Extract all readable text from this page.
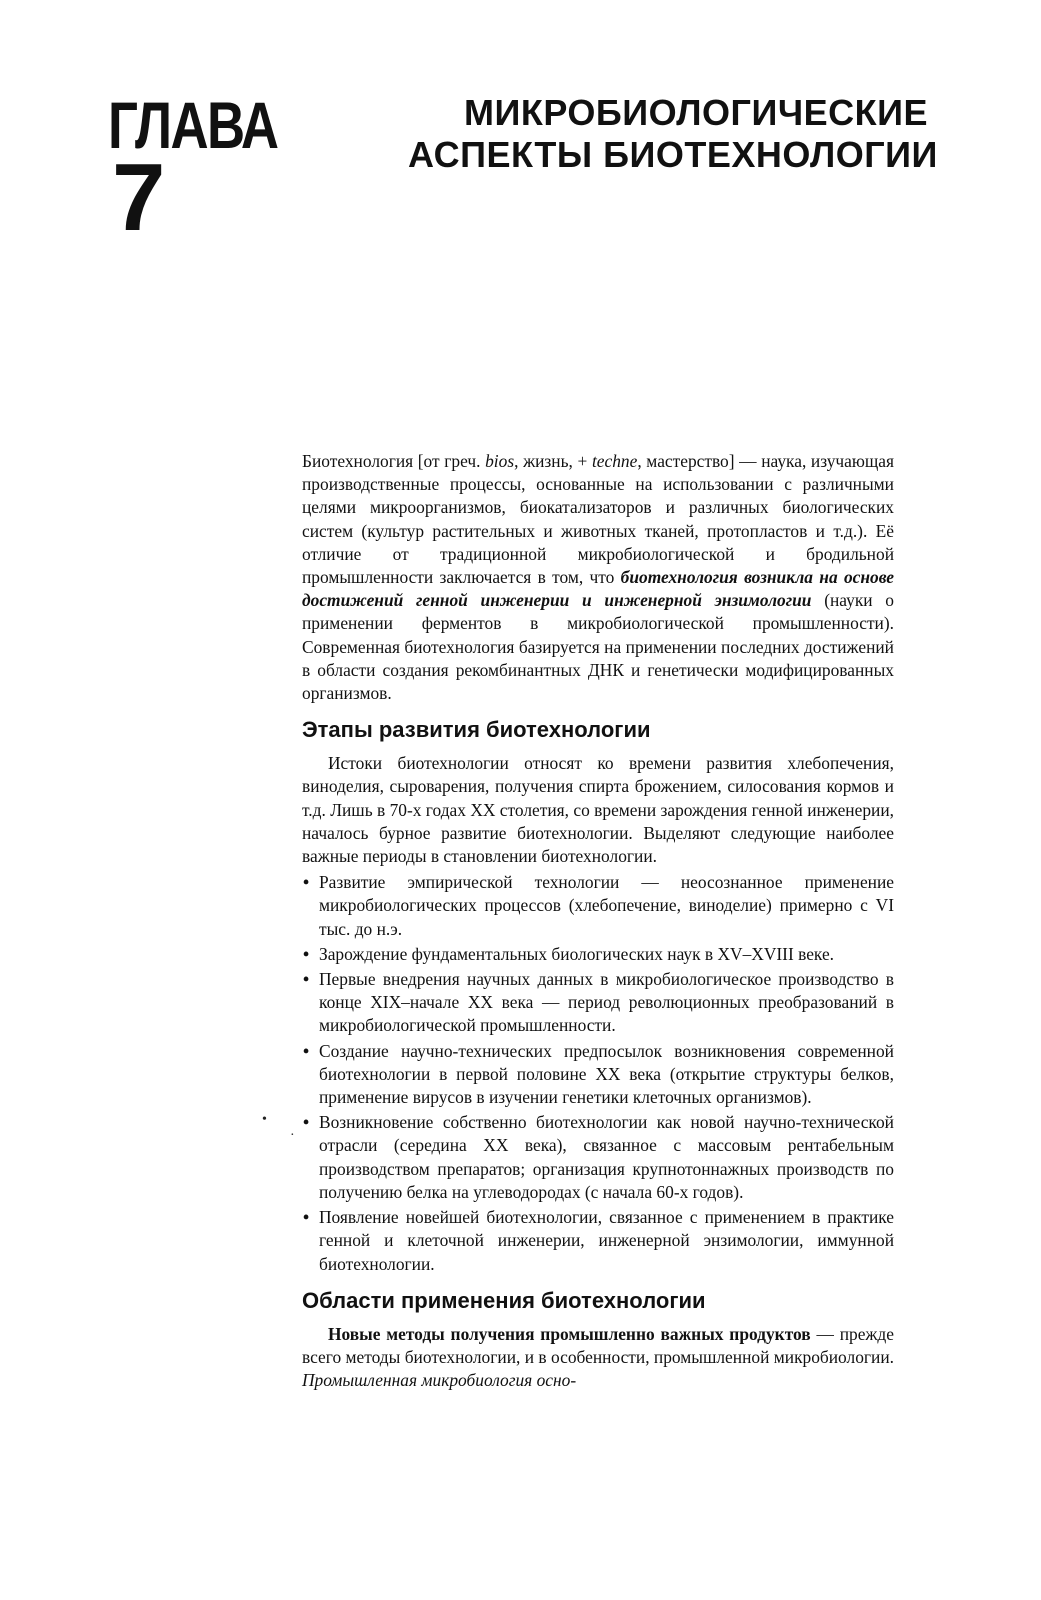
ГЛАВА
7
МИКРОБИОЛОГИЧЕСКИЕ
АСПЕКТЫ БИОТЕХНОЛОГИИ
•
·

Биотехнология [от греч. bios, жизнь, + techne, мастерство] — наука, изучающая производственные процессы, основанные на использовании с различными целями микроорганизмов, биокатализаторов и различных биологических систем (культур растительных и животных тканей, протопластов и т.д.). Её отличие от традиционной микробиологической и бродильной промышленности заключается в том, что биотехнология возникла на основе достижений генной инженерии и инженерной энзимологии (науки о применении ферментов в микробиологической промышленности). Современная биотехнология базируется на применении последних достижений в области создания рекомбинантных ДНК и генетически модифицированных организмов.

Этапы развития биотехнологии

Истоки биотехнологии относят ко времени развития хлебопечения, виноделия, сыроварения, получения спирта брожением, силосования кормов и т.д. Лишь в 70-х годах XX столетия, со времени зарождения генной инженерии, началось бурное развитие биотехнологии. Выделяют следующие наиболее важные периоды в становлении биотехнологии.

• Развитие эмпирической технологии — неосознанное применение микробиологических процессов (хлебопечение, виноделие) примерно с VI тыс. до н.э.
• Зарождение фундаментальных биологических наук в XV–XVIII веке.
• Первые внедрения научных данных в микробиологическое производство в конце XIX–начале XX века — период революционных преобразований в микробиологической промышленности.
• Создание научно-технических предпосылок возникновения современной биотехнологии в первой половине XX века (открытие структуры белков, применение вирусов в изучении генетики клеточных организмов).
• Возникновение собственно биотехнологии как новой научно-технической отрасли (середина XX века), связанное с массовым рентабельным производством препаратов; организация крупнотоннажных производств по получению белка на углеводородах (с начала 60-х годов).
• Появление новейшей биотехнологии, связанное с применением в практике генной и клеточной инженерии, инженерной энзимологии, иммунной биотехнологии.
Области применения биотехнологии

Новые методы получения промышленно важных продуктов — прежде всего методы биотехнологии, и в особенности, промышленной микробиологии. Промышленная микробиология осно-
